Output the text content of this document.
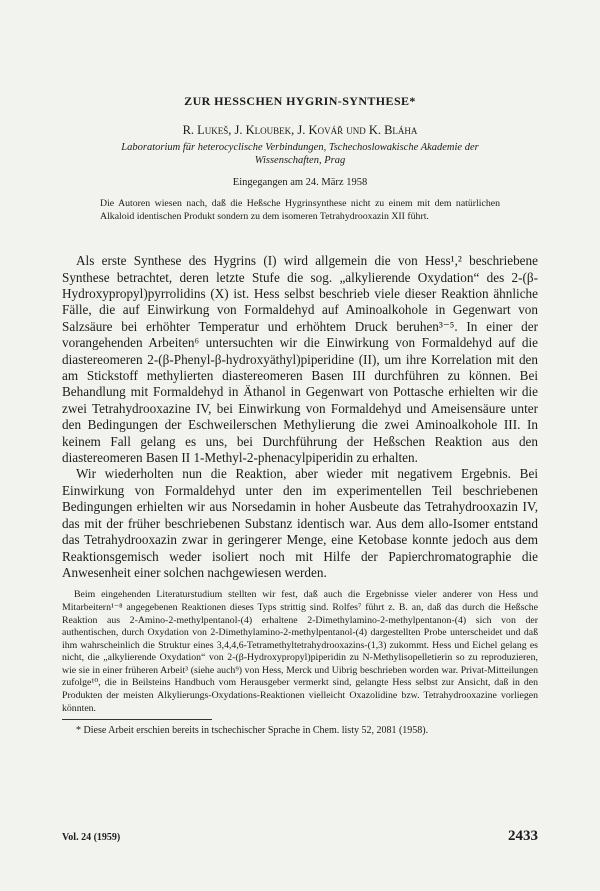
ZUR HESSCHEN HYGRIN-SYNTHESE*
R. Lukeš, J. Kloubek, J. Kovář und K. Bláha
Laboratorium für heterocyclische Verbindungen, Tschechoslowakische Akademie der Wissenschaften, Prag
Eingegangen am 24. März 1958
Die Autoren wiesen nach, daß die Heßsche Hygrinsynthese nicht zu einem mit dem natürlichen Alkaloid identischen Produkt sondern zu dem isomeren Tetrahydrooxazin XII führt.

Als erste Synthese des Hygrins (I) wird allgemein die von Hess¹,² beschriebene Synthese betrachtet, deren letzte Stufe die sog. „alkylierende Oxydation“ des 2-(β-Hydroxypropyl)pyrrolidins (X) ist. Hess selbst beschrieb viele dieser Reaktion ähnliche Fälle, die auf Einwirkung von Formaldehyd auf Aminoalkohole in Gegenwart von Salzsäure bei erhöhter Temperatur und erhöhtem Druck beruhen³⁻⁵. In einer der vorangehenden Arbeiten⁶ untersuchten wir die Einwirkung von Formaldehyd auf die diastereomeren 2-(β-Phenyl-β-hydroxyäthyl)piperidine (II), um ihre Korrelation mit den am Stickstoff methylierten diastereomeren Basen III durchführen zu können. Bei Behandlung mit Formaldehyd in Äthanol in Gegenwart von Pottasche erhielten wir die zwei Tetrahydrooxazine IV, bei Einwirkung von Formaldehyd und Ameisensäure unter den Bedingungen der Eschweilerschen Methylierung die zwei Aminoalkohole III. In keinem Fall gelang es uns, bei Durchführung der Heßschen Reaktion aus den diastereomeren Basen II 1-Methyl-2-phenacylpiperidin zu erhalten.

Wir wiederholten nun die Reaktion, aber wieder mit negativem Ergebnis. Bei Einwirkung von Formaldehyd unter den im experimentellen Teil beschriebenen Bedingungen erhielten wir aus Norsedamin in hoher Ausbeute das Tetrahydrooxazin IV, das mit der früher beschriebenen Substanz identisch war. Aus dem allo-Isomer entstand das Tetrahydrooxazin zwar in geringerer Menge, eine Ketobase konnte jedoch aus dem Reaktionsgemisch weder isoliert noch mit Hilfe der Papierchromatographie die Anwesenheit einer solchen nachgewiesen werden.

Beim eingehenden Literaturstudium stellten wir fest, daß auch die Ergebnisse vieler anderer von Hess und Mitarbeitern¹⁻⁸ angegebenen Reaktionen dieses Typs strittig sind. Rolfes⁷ führt z. B. an, daß das durch die Heßsche Reaktion aus 2-Amino-2-methylpentanol-(4) erhaltene 2-Dimethylamino-2-methylpentanon-(4) sich von der authentischen, durch Oxydation von 2-Dimethylamino-2-methylpentanol-(4) dargestellten Probe unterscheidet und daß ihm wahrscheinlich die Struktur eines 3,4,4,6-Tetramethyltetrahydrooxazins-(1,3) zukommt. Hess und Eichel gelang es nicht, die „alkylierende Oxydation“ von 2-(β-Hydroxypropyl)piperidin zu N-Methylisopelletierin so zu reproduzieren, wie sie in einer früheren Arbeit³ (siehe auch⁹) von Hess, Merck und Uibrig beschrieben worden war. Privat-Mitteilungen zufolge¹⁰, die in Beilsteins Handbuch vom Herausgeber vermerkt sind, gelangte Hess selbst zur Ansicht, daß in den Produkten der meisten Alkylierungs-Oxydations-Reaktionen vielleicht Oxazolidine bzw. Tetrahydrooxazine vorliegen könnten.

* Diese Arbeit erschien bereits in tschechischer Sprache in Chem. listy 52, 2081 (1958).

Vol. 24 (1959)	2433
